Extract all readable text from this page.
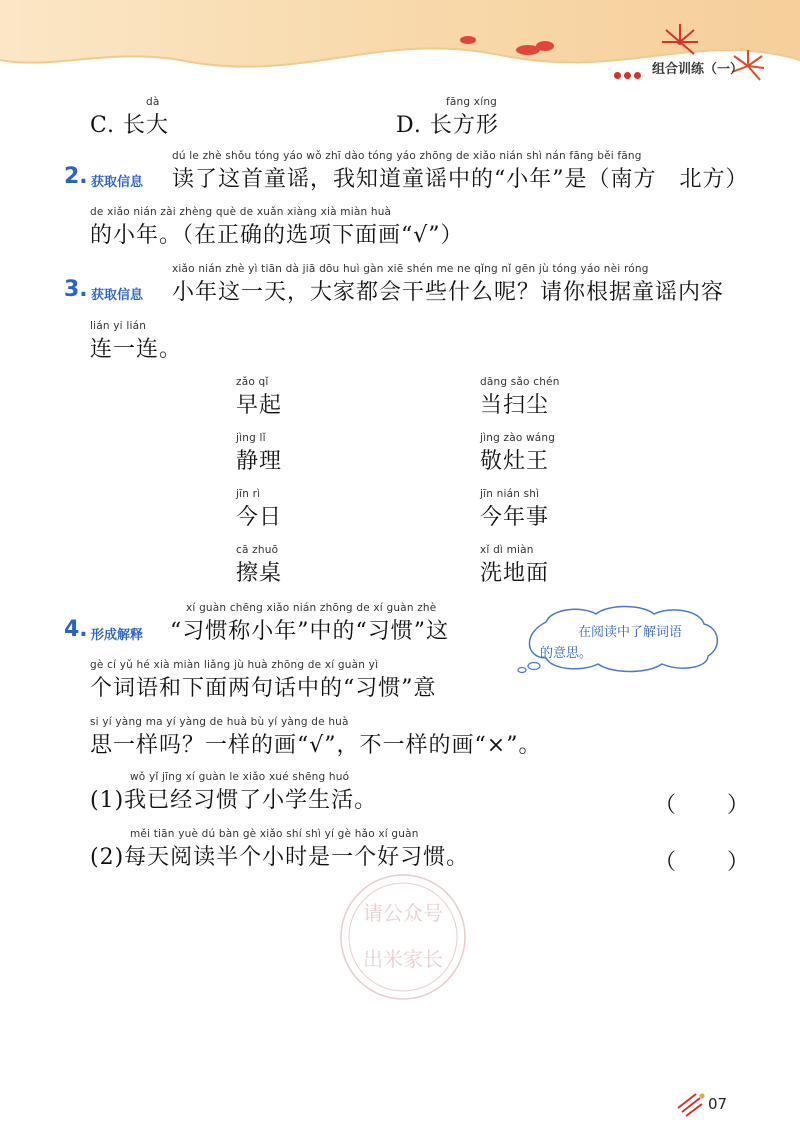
组合训练（一）
dà
C. 长大
fāng xíng
D. 长方形
2. 获取信息
dú le zhè shǒu tóng yáo wǒ zhī dào tóng yáo zhōng de xiǎo nián shì nán fāng běi fāng
读了这首童谣，我知道童谣中的“小年”是（南方　北方）
de xiǎo nián zài zhèng què de xuǎn xiàng xià miàn huà
的小年。（在正确的选项下面画“√”）
3. 获取信息
xiǎo nián zhè yì tiān dà jiā dōu huì gàn xiē shén me ne qǐng nǐ gēn jù tóng yáo nèi róng
小年这一天，大家都会干些什么呢？请你根据童谣内容
lián yi lián
连一连。
zǎo qǐ
早起
jìng lǐ
静理
jīn rì
今日
cā zhuō
擦桌
dāng sǎo chén
当扫尘
jìng zào wáng
敬灶王
jīn nián shì
今年事
xǐ dì miàn
洗地面
4. 形成解释
xí guàn chēng xiǎo nián zhōng de xí guàn zhè
“习惯称小年”中的“习惯”这
gè cí yǔ hé xià miàn liǎng jù huà zhōng de xí guàn yì
个词语和下面两句话中的“习惯”意
si yí yàng ma yí yàng de huà bù yí yàng de huà
思一样吗？一样的画“√”，不一样的画“×”。
在阅读中了解词语
的意思。
wǒ yǐ jīng xí guàn le xiǎo xué shēng huó
(1)我已经习惯了小学生活。	（ ）
měi tiān yuè dú bàn gè xiǎo shí shì yí gè hǎo xí guàn
(2)每天阅读半个小时是一个好习惯。	（ ）
请公众号
出米家长
07
